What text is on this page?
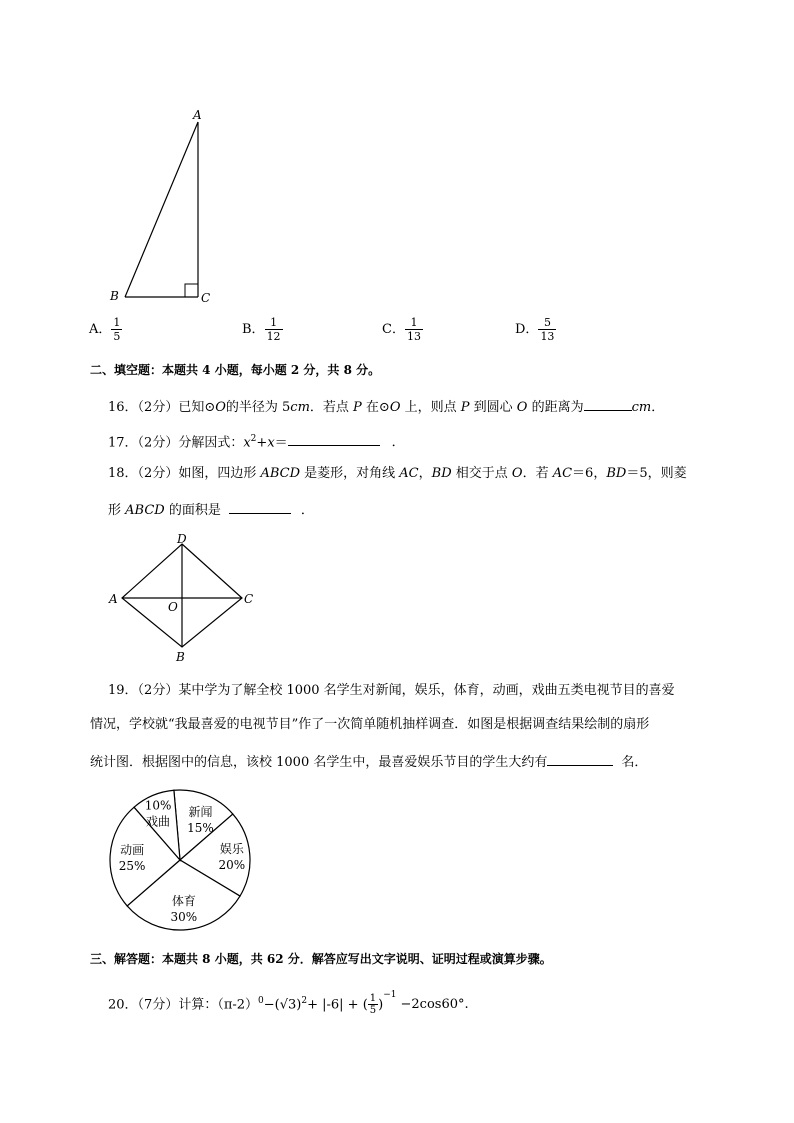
A
B	C
A． $\frac{1}{5}$	B． $\frac{1}{12}$	C． $\frac{1}{13}$	D． $\frac{5}{13}$
二、填空题：本题共 4 小题，每小题 2 分，共 8 分。
16．（2分）已知⊙O的半径为 5cm．若点 P 在⊙O 上，则点 P 到圆心 O 的距离为	cm．
17．（2分）分解因式：$x^2+x=$	．
18．（2分）如图，四边形 ABCD 是菱形，对角线 AC，BD 相交于点 O．若 AC＝6，BD＝5，则菱
形 ABCD 的面积是	．
D
A	C
O
B
19．（2分）某中学为了解全校 1000 名学生对新闻，娱乐，体育，动画，戏曲五类电视节目的喜爱
情况，学校就“我最喜爱的电视节目”作了一次简单随机抽样调查．如图是根据调查结果绘制的扇形
统计图．根据图中的信息，该校 1000 名学生中，最喜爱娱乐节目的学生大约有	名．
新闻
15%
娱乐
20%
体育
30%
动画
25%
戏曲
10%
三、解答题：本题共 8 小题，共 62 分．解答应写出文字说明、证明过程或演算步骤。
20．（7分）计算：$(\pi-2)^0-(√3)^2+ |-6|$ + ( $\frac{1}{5} )^{-1}-2\cos 60^\circ$.
